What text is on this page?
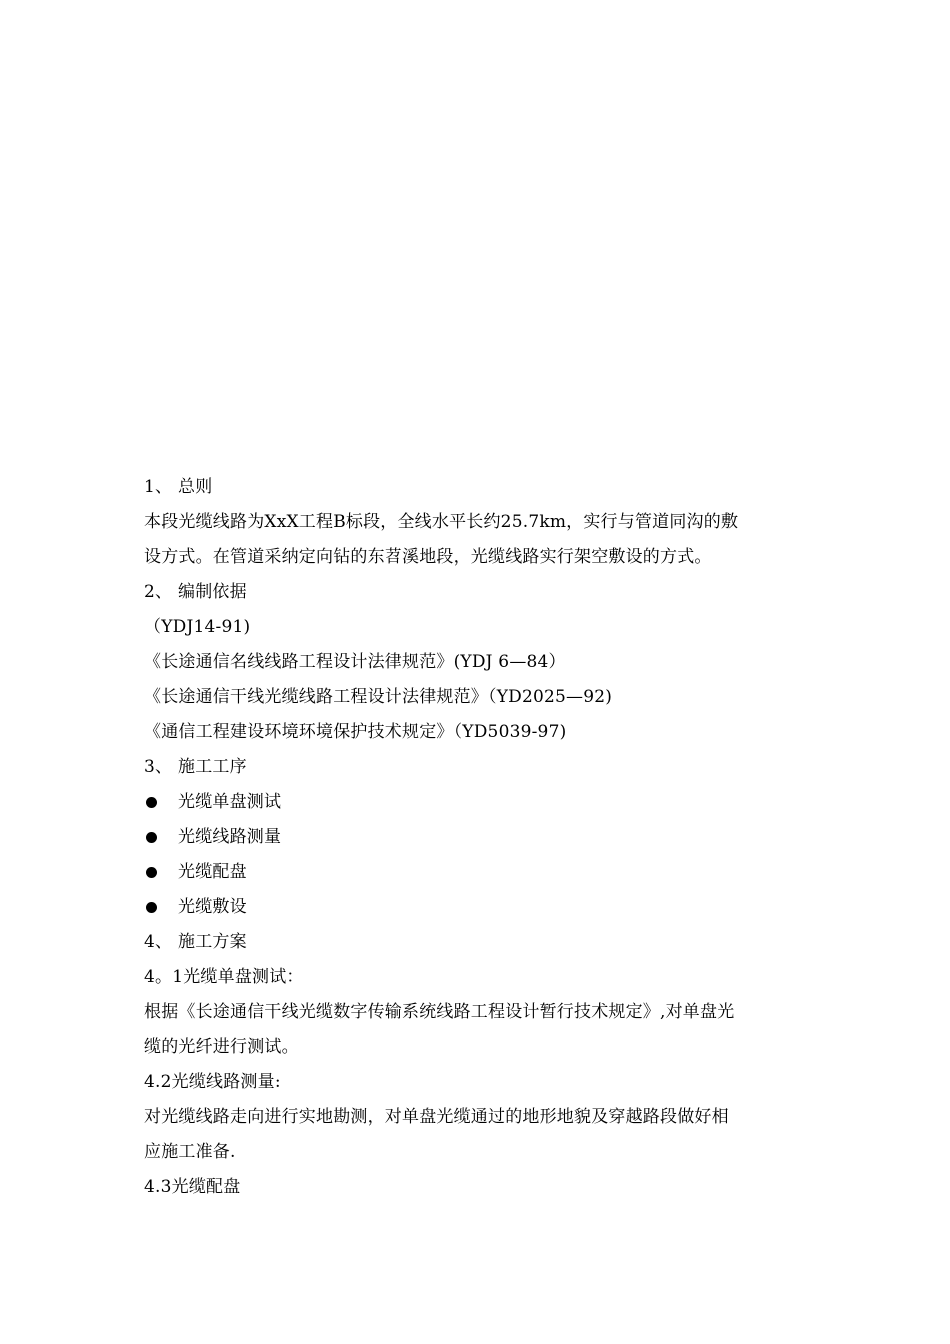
1、 总则
本段光缆线路为XxX工程B标段，全线水平长约25.7km，实行与管道同沟的敷
设方式。在管道采纳定向钻的东苕溪地段，光缆线路实行架空敷设的方式。
2、 编制依据
（YDJ14-91)
《长途通信名线线路工程设计法律规范》(YDJ 6—84）
《长途通信干线光缆线路工程设计法律规范》（YD2025—92)
《通信工程建设环境环境保护技术规定》（YD5039-97)
3、 施工工序
光缆单盘测试
光缆线路测量
光缆配盘
光缆敷设
4、 施工方案
4。1光缆单盘测试：
根据《长途通信干线光缆数字传输系统线路工程设计暂行技术规定》,对单盘光
缆的光纤进行测试。
4.2光缆线路测量:
对光缆线路走向进行实地勘测，对单盘光缆通过的地形地貌及穿越路段做好相
应施工准备.
4.3光缆配盘
